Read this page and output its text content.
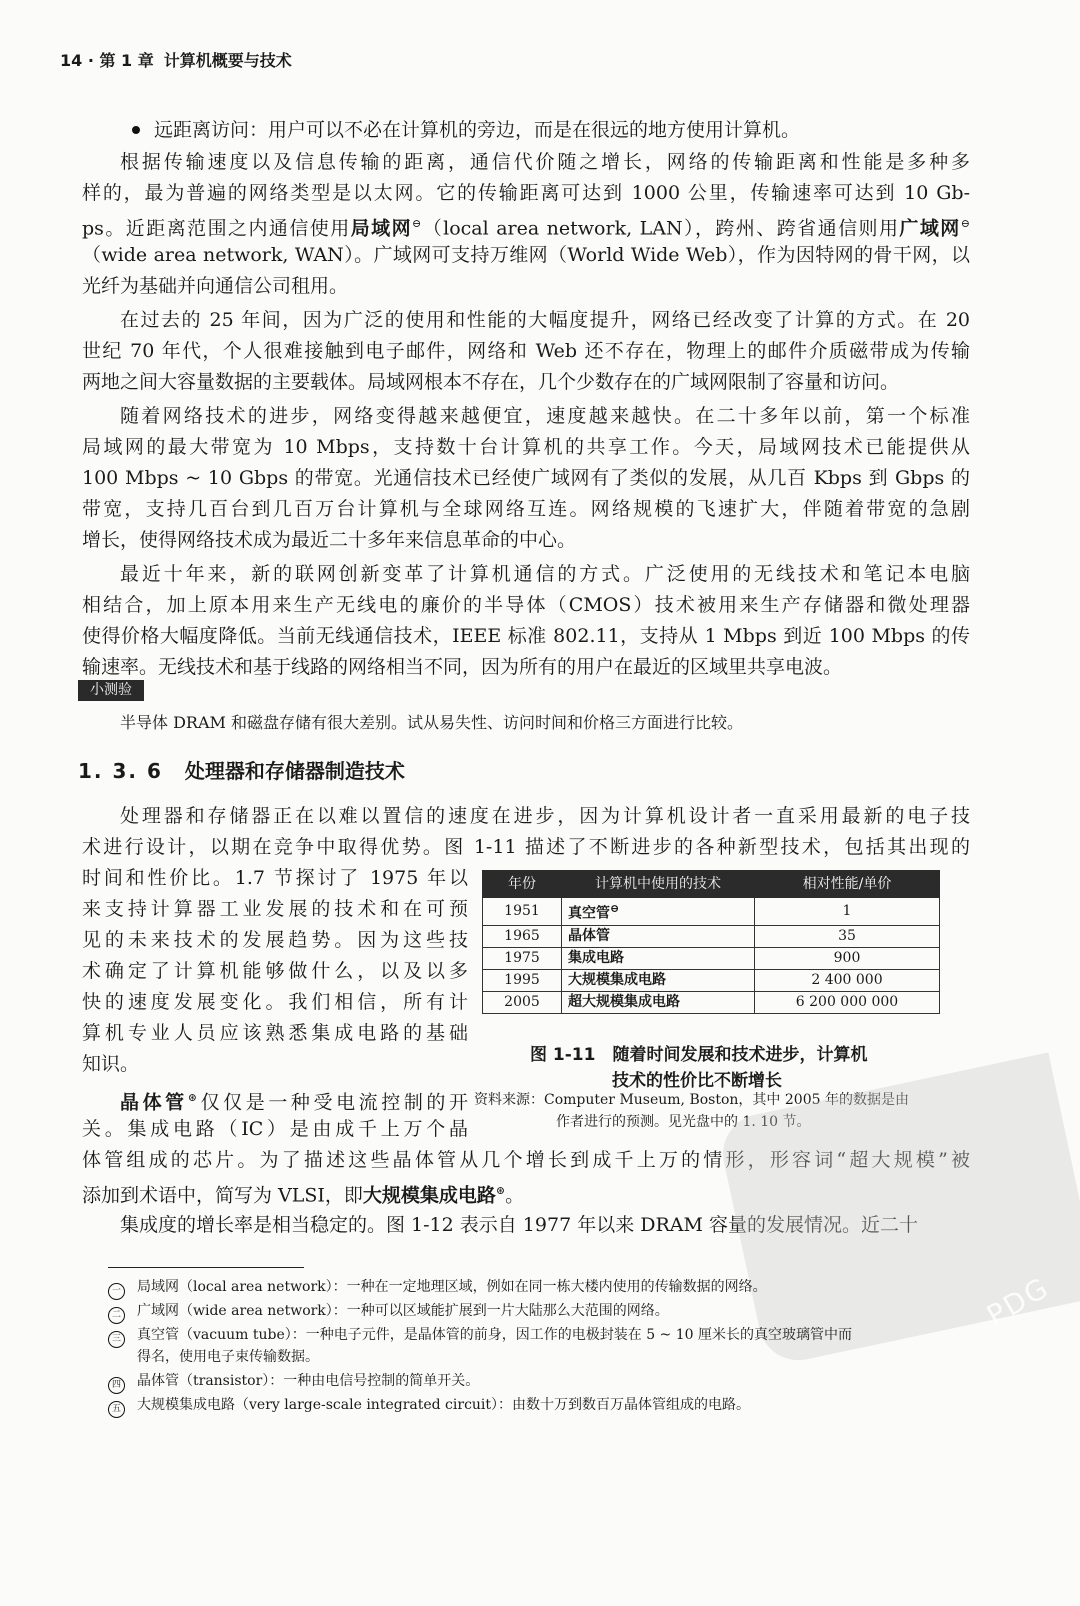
14 · 第 1 章 计算机概要与技术
远距离访问：用户可以不必在计算机的旁边，而是在很远的地方使用计算机。
根据传输速度以及信息传输的距离，通信代价随之增长，网络的传输距离和性能是多种多
样的，最为普遍的网络类型是以太网。它的传输距离可达到 1000 公里，传输速率可达到 10 Gb-
ps。近距离范围之内通信使用局域网⊖（local area network, LAN），跨州、跨省通信则用广域网⊖
（wide area network, WAN）。广域网可支持万维网（World Wide Web），作为因特网的骨干网，以
光纤为基础并向通信公司租用。
在过去的 25 年间，因为广泛的使用和性能的大幅度提升，网络已经改变了计算的方式。在 20
世纪 70 年代，个人很难接触到电子邮件，网络和 Web 还不存在，物理上的邮件介质磁带成为传输
两地之间大容量数据的主要载体。局域网根本不存在，几个少数存在的广域网限制了容量和访问。
随着网络技术的进步，网络变得越来越便宜，速度越来越快。在二十多年以前，第一个标准
局域网的最大带宽为 10 Mbps，支持数十台计算机的共享工作。今天，局域网技术已能提供从
100 Mbps ~ 10 Gbps 的带宽。光通信技术已经使广域网有了类似的发展，从几百 Kbps 到 Gbps 的
带宽，支持几百台到几百万台计算机与全球网络互连。网络规模的飞速扩大，伴随着带宽的急剧
增长，使得网络技术成为最近二十多年来信息革命的中心。
最近十年来，新的联网创新变革了计算机通信的方式。广泛使用的无线技术和笔记本电脑
相结合，加上原本用来生产无线电的廉价的半导体（CMOS）技术被用来生产存储器和微处理器
使得价格大幅度降低。当前无线通信技术，IEEE 标准 802.11，支持从 1 Mbps 到近 100 Mbps 的传
输速率。无线技术和基于线路的网络相当不同，因为所有的用户在最近的区域里共享电波。
小测验
半导体 DRAM 和磁盘存储有很大差别。试从易失性、访问时间和价格三方面进行比较。
1. 3. 6 处理器和存储器制造技术
处理器和存储器正在以难以置信的速度在进步，因为计算机设计者一直采用最新的电子技
术进行设计，以期在竞争中取得优势。图 1-11 描述了不断进步的各种新型技术，包括其出现的
时间和性价比。1.7 节探讨了 1975 年以
来支持计算器工业发展的技术和在可预
见的未来技术的发展趋势。因为这些技
术确定了计算机能够做什么，以及以多
快的速度发展变化。我们相信，所有计
算机专业人员应该熟悉集成电路的基础
知识。
晶体管⊛仅仅是一种受电流控制的开
关。集成电路（IC）是由成千上万个晶
体管组成的芯片。为了描述这些晶体管从几个增长到成千上万的情形，形容词“超大规模”被
添加到术语中，简写为 VLSI，即大规模集成电路⊛。
集成度的增长率是相当稳定的。图 1-12 表示自 1977 年以来 DRAM 容量的发展情况。近二十
年份	计算机中使用的技术	相对性能/单价
1951	真空管⊖	1
1965	晶体管	35
1975	集成电路	900
1995	大规模集成电路	2 400 000
2005	超大规模集成电路	6 200 000 000
图 1-11　随着时间发展和技术进步，计算机
技术的性价比不断增长
资料来源：Computer Museum, Boston，其中 2005 年的数据是由
作者进行的预测。见光盘中的 1. 10 节。
PDG
一 局域网（local area network）：一种在一定地理区域，例如在同一栋大楼内使用的传输数据的网络。
二 广域网（wide area network）：一种可以区域能扩展到一片大陆那么大范围的网络。
三 真空管（vacuum tube）：一种电子元件，是晶体管的前身，因工作的电极封装在 5 ~ 10 厘米长的真空玻璃管中而
得名，使用电子束传输数据。
四 晶体管（transistor）：一种由电信号控制的简单开关。
五 大规模集成电路（very large-scale integrated circuit）：由数十万到数百万晶体管组成的电路。
